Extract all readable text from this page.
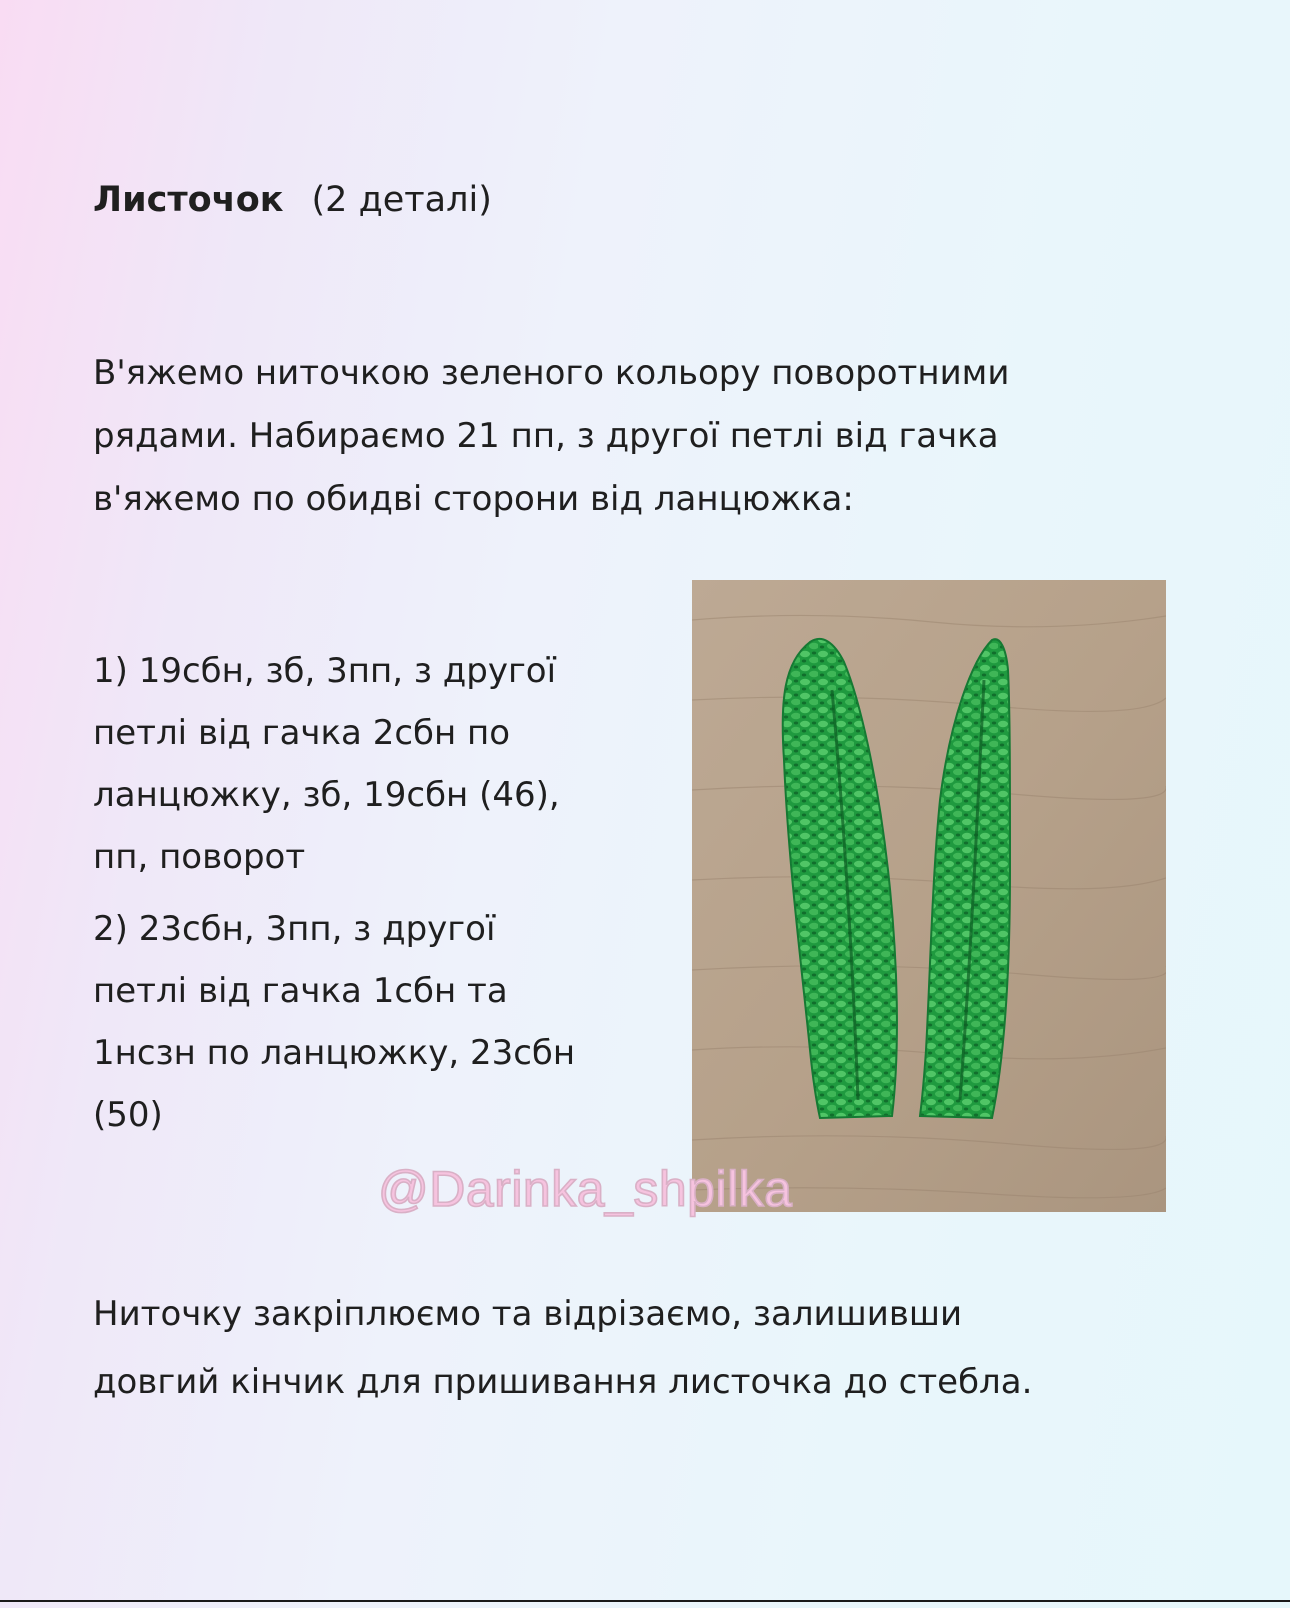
Листочок (2 деталі)
В'яжемо ниточкою зеленого кольору поворотними
рядами. Набираємо 21 пп, з другої петлі від гачка
в'яжемо по обидві сторони від ланцюжка:
1) 19сбн, зб, 3пп, з другої
петлі від гачка 2сбн по
ланцюжку, зб, 19сбн (46),
пп, поворот
2) 23сбн, 3пп, з другої
петлі від гачка 1сбн та
1нсзн по ланцюжку, 23сбн
(50)
@Darinka_shpilka
Ниточку закріплюємо та відрізаємо, залишивши
довгий кінчик для пришивання листочка до стебла.
